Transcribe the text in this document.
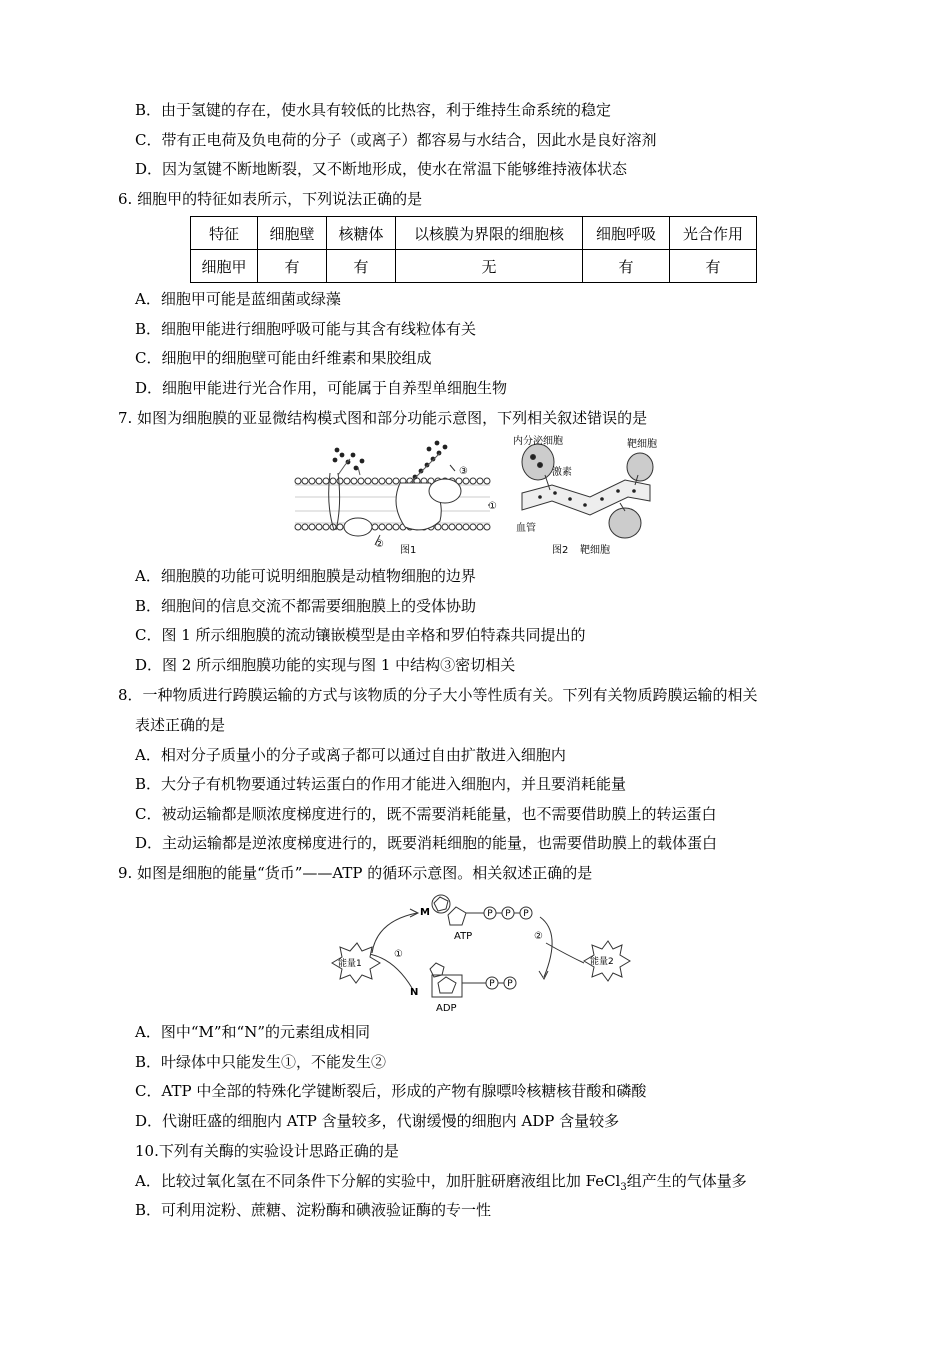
B．由于氢键的存在，使水具有较低的比热容，利于维持生命系统的稳定
C．带有正电荷及负电荷的分子（或离子）都容易与水结合，因此水是良好溶剂
D．因为氢键不断地断裂，又不断地形成，使水在常温下能够维持液体状态
6. 细胞甲的特征如表所示，下列说法正确的是
特征	细胞壁	核糖体	以核膜为界限的细胞核	细胞呼吸	光合作用
细胞甲	有	有	无	有	有
A．细胞甲可能是蓝细菌或绿藻
B．细胞甲能进行细胞呼吸可能与其含有线粒体有关
C．细胞甲的细胞壁可能由纤维素和果胶组成
D．细胞甲能进行光合作用，可能属于自养型单细胞生物
7. 如图为细胞膜的亚显微结构模式图和部分功能示意图，下列相关叙述错误的是
③
①
②
图1
内分泌细胞
激素
靶细胞
血管
图2 靶细胞
A．细胞膜的功能可说明细胞膜是动植物细胞的边界
B．细胞间的信息交流不都需要细胞膜上的受体协助
C．图 1 所示细胞膜的流动镶嵌模型是由辛格和罗伯特森共同提出的
D．图 2 所示细胞膜功能的实现与图 1 中结构③密切相关
8．一种物质进行跨膜运输的方式与该物质的分子大小等性质有关。下列有关物质跨膜运输的相关
表述正确的是
A．相对分子质量小的分子或离子都可以通过自由扩散进入细胞内
B．大分子有机物要通过转运蛋白的作用才能进入细胞内，并且要消耗能量
C．被动运输都是顺浓度梯度进行的，既不需要消耗能量，也不需要借助膜上的转运蛋白
D．主动运输都是逆浓度梯度进行的，既要消耗细胞的能量，也需要借助膜上的载体蛋白
9. 如图是细胞的能量“货币”——ATP 的循环示意图。相关叙述正确的是
P P P
P P
M
N
ATP
ADP
①
②
能量1	能量2
A．图中“M”和“N”的元素组成相同
B．叶绿体中只能发生①，不能发生②
C．ATP 中全部的特殊化学键断裂后，形成的产物有腺嘌呤核糖核苷酸和磷酸
D．代谢旺盛的细胞内 ATP 含量较多，代谢缓慢的细胞内 ADP 含量较多
10.下列有关酶的实验设计思路正确的是
A．比较过氧化氢在不同条件下分解的实验中，加肝脏研磨液组比加 FeCl$_3$组产生的气体量多
B．可利用淀粉、蔗糖、淀粉酶和碘液验证酶的专一性
